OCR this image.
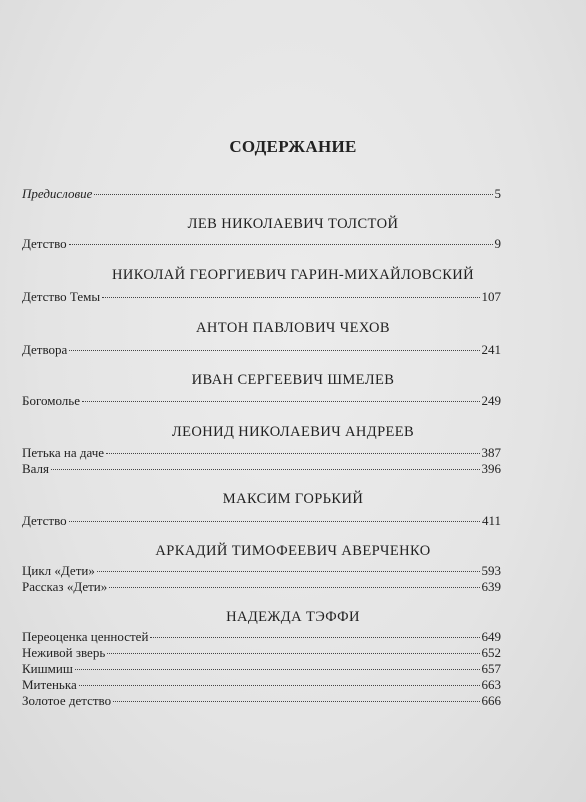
СОДЕРЖАНИЕ
Предисловие	5
ЛЕВ НИКОЛАЕВИЧ ТОЛСТОЙ
Детство	9
НИКОЛАЙ ГЕОРГИЕВИЧ ГАРИН-МИХАЙЛОВСКИЙ
Детство Темы	107
АНТОН ПАВЛОВИЧ ЧЕХОВ
Детвора	241
ИВАН СЕРГЕЕВИЧ ШМЕЛЕВ
Богомолье	249
ЛЕОНИД НИКОЛАЕВИЧ АНДРЕЕВ
Петька на даче	387
Валя	396
МАКСИМ ГОРЬКИЙ
Детство	411
АРКАДИЙ ТИМОФЕЕВИЧ АВЕРЧЕНКО
Цикл «Дети»	593
Рассказ «Дети»	639
НАДЕЖДА ТЭФФИ
Переоценка ценностей	649
Неживой зверь	652
Кишмиш	657
Митенька	663
Золотое детство	666
